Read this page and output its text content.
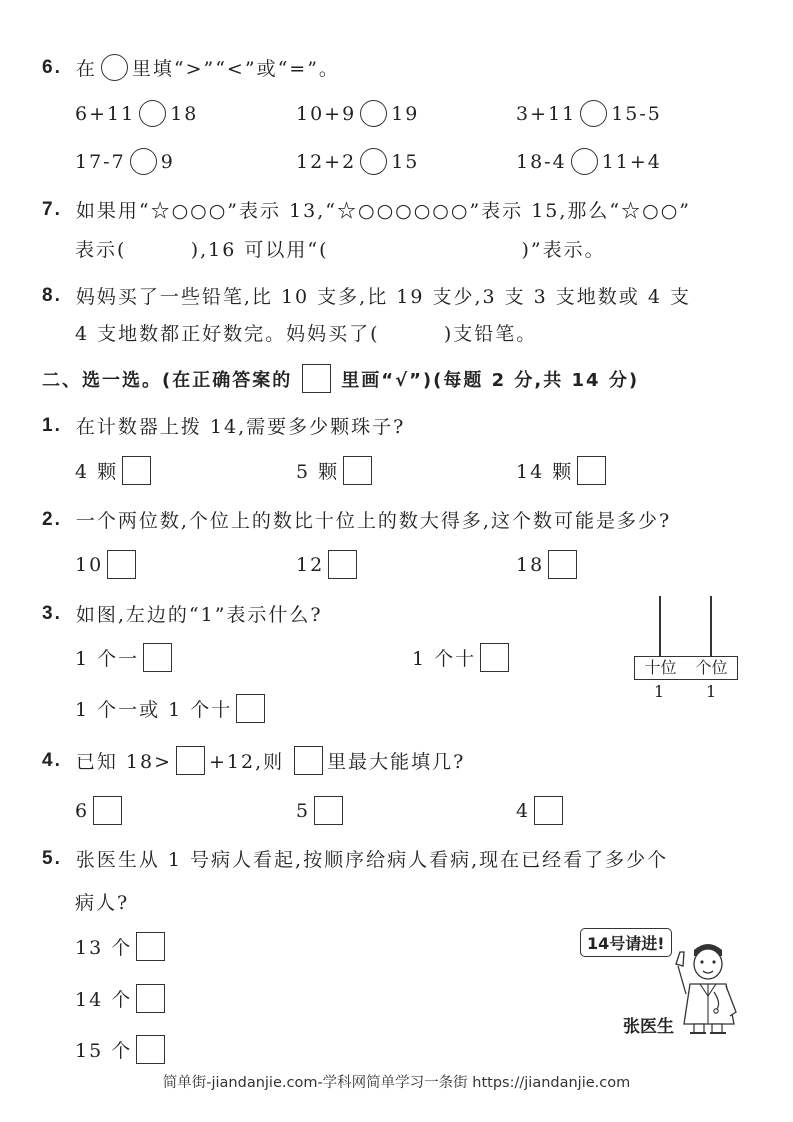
6. 在 里填“>”“<”或“=”。
6+11 18	10+9 19	3+11 15-5
17-7 9	12+2 15	18-4 11+4
7. 如果用“☆○○○”表示 13,“☆○○○○○○”表示 15,那么“☆○○”
表示(        ),16 可以用“(                        )”表示。
8. 妈妈买了一些铅笔,比 10 支多,比 19 支少,3 支 3 支地数或 4 支
4 支地数都正好数完。妈妈买了(        )支铅笔。
二、选一选。(在正确答案的	里画“√”)(每题 2 分,共 14 分)
1. 在计数器上拨 14,需要多少颗珠子?
4 颗	5 颗	14 颗
2. 一个两位数,个位上的数比十位上的数大得多,这个数可能是多少?
10	12	18
3. 如图,左边的“1”表示什么?
1 个一	1 个十
1 个一或 1 个十
十位	个位
1	1
4. 已知 18> +12,则 里最大能填几?
6	5	4
5. 张医生从 1 号病人看起,按顺序给病人看病,现在已经看了多少个
病人?
13 个
14 个
15 个
14号请进!
张医生
简单街-jiandanjie.com-学科网简单学习一条街 https://jiandanjie.com
